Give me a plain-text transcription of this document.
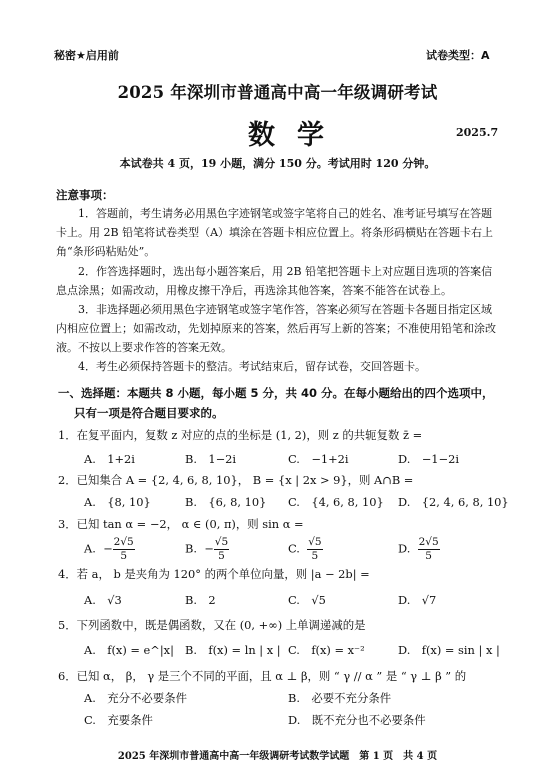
秘密★启用前	试卷类型：A
2025 年深圳市普通高中高一年级调研考试
数学	2025.7
本试卷共 4 页，19 小题，满分 150 分。考试用时 120 分钟。
注意事项：
1．答题前，考生请务必用黑色字迹钢笔或签字笔将自己的姓名、准考证号填写在答题卡上。用 2B 铅笔将试卷类型（A）填涂在答题卡相应位置上。将条形码横贴在答题卡右上角“条形码粘贴处”。
2．作答选择题时，选出每小题答案后，用 2B 铅笔把答题卡上对应题目选项的答案信息点涂黑；如需改动，用橡皮擦干净后，再选涂其他答案，答案不能答在试卷上。
3．非选择题必须用黑色字迹钢笔或签字笔作答，答案必须写在答题卡各题目指定区域内相应位置上；如需改动，先划掉原来的答案，然后再写上新的答案；不准使用铅笔和涂改液。不按以上要求作答的答案无效。
4．考生必须保持答题卡的整洁。考试结束后，留存试卷，交回答题卡。
一、选择题：本题共 8 小题，每小题 5 分，共 40 分。在每小题给出的四个选项中，只有一项是符合题目要求的。
1．在复平面内，复数 z 对应的点的坐标是 (1, 2)，则 z 的共轭复数 z̄ =
A.　1+2i	B.　1−2i	C.　−1+2i	D.　−1−2i
2．已知集合 A = {2, 4, 6, 8, 10}， B = {x | 2x > 9}，则 A∩B =
A.　{8, 10}	B.　{6, 8, 10} C.　{4, 6, 8, 10} D.　{2, 4, 6, 8, 10}
3．已知 tan α = −2， α ∈ (0, π)，则 sin α =
A. − $\frac{2√5}{5}$	B. − $\frac{√5}{5}$	C. $\frac{√5}{5}$	D. $\frac{2√5}{5}$
4．若 a， b 是夹角为 120° 的两个单位向量，则 |a − 2b| =
A.　√3	B.　2	C.　√5	D.　√7
5．下列函数中，既是偶函数，又在 (0, +∞) 上单调递减的是
A.　f(x) = e^|x| B.　f(x) = ln | x | C.　f(x) = x⁻²	D.　f(x) = sin | x |
6．已知 α， β， γ 是三个不同的平面，且 α ⊥ β，则 “ γ // α ” 是 “ γ ⊥ β ” 的
A.　充分不必要条件	B.　必要不充分条件
C.　充要条件	D.　既不充分也不必要条件
2025 年深圳市普通高中高一年级调研考试数学试题　第 1 页　共 4 页
